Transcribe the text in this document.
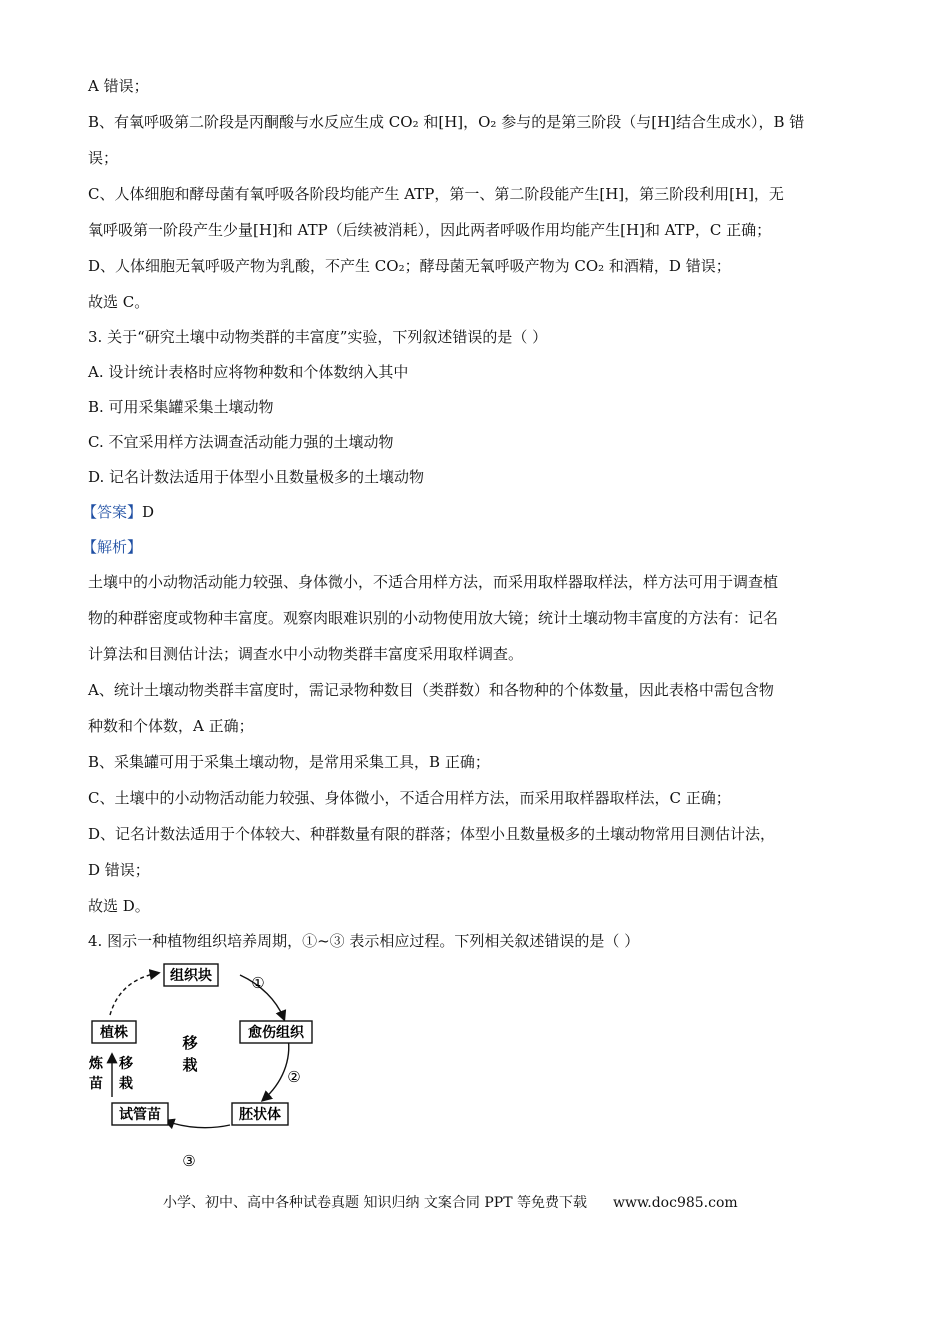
A 错误；
B、有氧呼吸第二阶段是丙酮酸与水反应生成 CO₂ 和[H]，O₂ 参与的是第三阶段（与[H]结合生成水），B 错
误；
C、人体细胞和酵母菌有氧呼吸各阶段均能产生 ATP，第一、第二阶段能产生[H]，第三阶段利用[H]，无
氧呼吸第一阶段产生少量[H]和 ATP（后续被消耗），因此两者呼吸作用均能产生[H]和 ATP，C 正确；
D、人体细胞无氧呼吸产物为乳酸，不产生 CO₂；酵母菌无氧呼吸产物为 CO₂ 和酒精，D 错误；
故选 C。
3. 关于“研究土壤中动物类群的丰富度”实验，下列叙述错误的是（ ）
A. 设计统计表格时应将物种数和个体数纳入其中
B. 可用采集罐采集土壤动物
C. 不宜采用样方法调查活动能力强的土壤动物
D. 记名计数法适用于体型小且数量极多的土壤动物
【答案】D
【解析】
土壤中的小动物活动能力较强、身体微小，不适合用样方法，而采用取样器取样法，样方法可用于调查植
物的种群密度或物种丰富度。观察肉眼难识别的小动物使用放大镜；统计土壤动物丰富度的方法有：记名
计算法和目测估计法；调查水中小动物类群丰富度采用取样调查。
A、统计土壤动物类群丰富度时，需记录物种数目（类群数）和各物种的个体数量，因此表格中需包含物
种数和个体数，A 正确；
B、采集罐可用于采集土壤动物，是常用采集工具，B 正确；
C、土壤中的小动物活动能力较强、身体微小，不适合用样方法，而采用取样器取样法，C 正确；
D、记名计数法适用于个体较大、种群数量有限的群落；体型小且数量极多的土壤动物常用目测估计法，
D 错误；
故选 D。
4. 图示一种植物组织培养周期，①~③ 表示相应过程。下列相关叙述错误的是（ ）
组织块
愈伤组织
胚状体
试管苗
植株
①
②
③
移
栽
炼
苗
移
栽
小学、初中、高中各种试卷真题 知识归纳 文案合同 PPT 等免费下载 www.doc985.com
